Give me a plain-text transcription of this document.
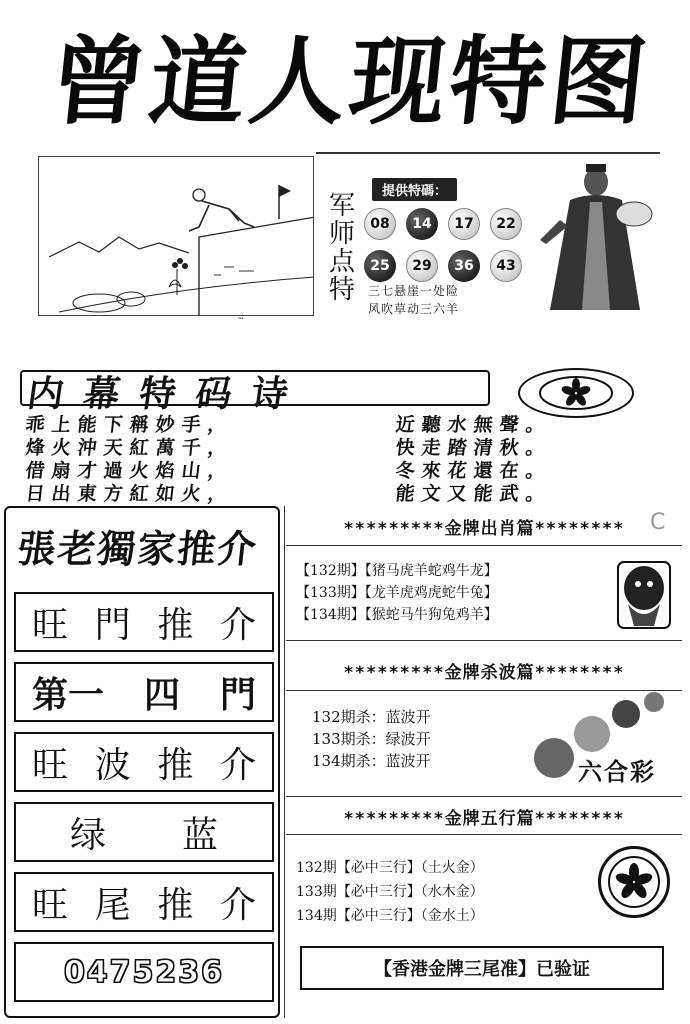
曾道人现特图
…
军师点特
提供特碼：
08	14	17	22
25	29	36	43
三七悬崖一处险
风吹草动三六羊
内幕特码诗
乖上能下稱妙手，	近聽水無聲。
烽火沖天紅萬千，	快走踏清秋。
借扇才過火焰山，	冬來花還在。
日出東方紅如火，	能文又能武。
張老獨家推介
旺 門 推 介
第一 四 門
旺 波 推 介
绿 蓝
旺 尾 推 介
0475236
C
*********金牌出肖篇********
【132期】【猪马虎羊蛇鸡牛龙】
【133期】【龙羊虎鸡虎蛇牛兔】
【134期】【猴蛇马牛狗兔鸡羊】
*********金牌杀波篇********
132期杀：蓝波开
133期杀：绿波开
134期杀：蓝波开	六合彩
*********金牌五行篇********
132期【必中三行】（土火金）
133期【必中三行】（水木金）
134期【必中三行】（金水土）
【香港金牌三尾准】已验证
